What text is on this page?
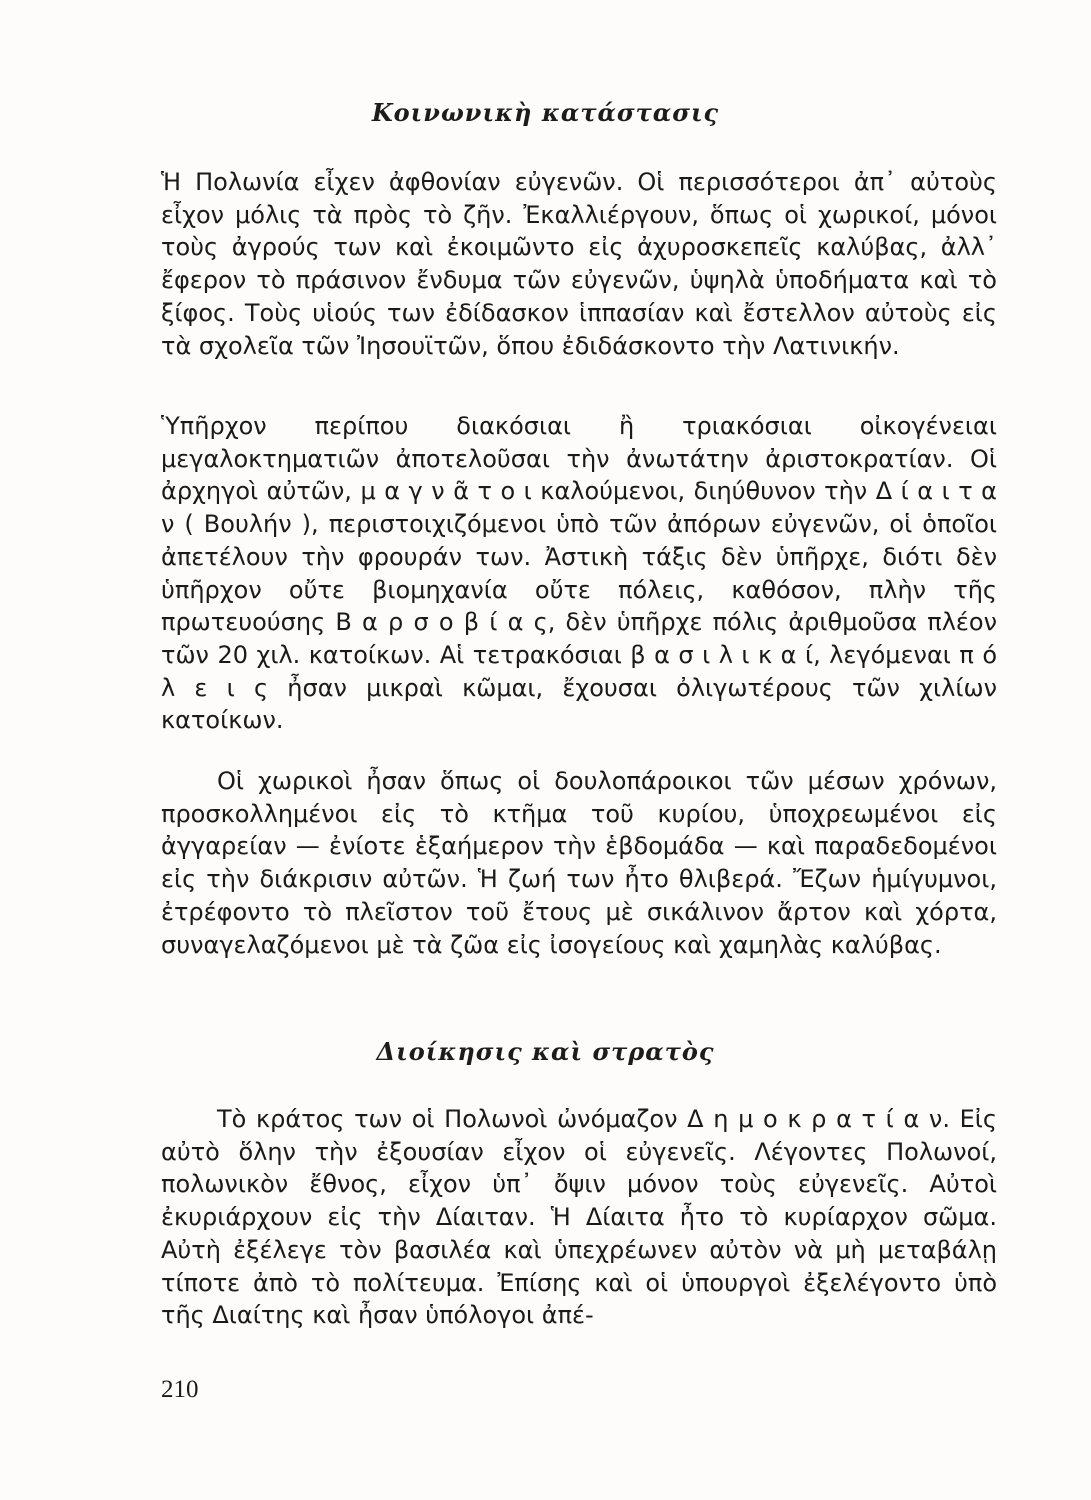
Κοινωνικὴ κατάστασις

Ἡ Πολωνία εἶχεν ἀφθονίαν εὐγενῶν. Οἱ περισσότεροι ἀπ᾿ αὐτοὺς εἶχον μόλις τὰ πρὸς τὸ ζῆν. Ἐκαλλιέργουν, ὅπως οἱ χωρικοί, μόνοι τοὺς ἀγρούς των καὶ ἐκοιμῶντο εἰς ἀχυροσκεπεῖς καλύβας, ἀλλ᾿ ἔφερον τὸ πράσινον ἔνδυμα τῶν εὐγενῶν, ὑψηλὰ ὑποδήματα καὶ τὸ ξίφος. Τοὺς υἱούς των ἐδίδασκον ἱππασίαν καὶ ἔστελλον αὐτοὺς εἰς τὰ σχολεῖα τῶν Ἰησουϊτῶν, ὅπου ἐδιδάσκοντο τὴν Λατινικήν.

Ὑπῆρχον περίπου διακόσιαι ἢ τριακόσιαι οἰκογένειαι μεγαλοκτηματιῶν ἀποτελοῦσαι τὴν ἀνωτάτην ἀριστοκρατίαν. Οἱ ἀρχηγοὶ αὐτῶν, μ α γ ν ᾶ τ ο ι καλούμενοι, διηύθυνον τὴν Δ ί α ι τ α ν ( Βουλήν ), περιστοιχιζόμενοι ὑπὸ τῶν ἀπόρων εὐγενῶν, οἱ ὁποῖοι ἀπετέλουν τὴν φρουράν των. Ἀστικὴ τάξις δὲν ὑπῆρχε, διότι δὲν ὑπῆρχον οὔτε βιομηχανία οὔτε πόλεις, καθόσον, πλὴν τῆς πρωτευούσης Β α ρ σ ο β ί α ς, δὲν ὑπῆρχε πόλις ἀριθμοῦσα πλέον τῶν 20 χιλ. κατοίκων. Αἱ τετρακόσιαι β α σ ι λ ι κ α ί, λεγόμεναι π ό λ ε ι ς ἦσαν μικραὶ κῶμαι, ἔχουσαι ὀλιγωτέρους τῶν χιλίων κατοίκων.

Οἱ χωρικοὶ ἦσαν ὅπως οἱ δουλοπάροικοι τῶν μέσων χρόνων, προσκολλημένοι εἰς τὸ κτῆμα τοῦ κυρίου, ὑποχρεωμένοι εἰς ἀγγαρείαν — ἐνίοτε ἑξαήμερον τὴν ἑβδομάδα — καὶ παραδεδομένοι εἰς τὴν διάκρισιν αὐτῶν. Ἡ ζωή των ἦτο θλιβερά. Ἔζων ἡμίγυμνοι, ἐτρέφοντο τὸ πλεῖστον τοῦ ἔτους μὲ σικάλινον ἄρτον καὶ χόρτα, συναγελαζόμενοι μὲ τὰ ζῶα εἰς ἰσογείους καὶ χαμηλὰς καλύβας.

Διοίκησις καὶ στρατὸς

Τὸ κράτος των οἱ Πολωνοὶ ὠνόμαζον Δ η μ ο κ ρ α τ ί α ν. Εἰς αὐτὸ ὅλην τὴν ἐξουσίαν εἶχον οἱ εὐγενεῖς. Λέγοντες Πολωνοί, πολωνικὸν ἔθνος, εἶχον ὑπ᾿ ὄψιν μόνον τοὺς εὐγενεῖς. Αὐτοὶ ἐκυριάρχουν εἰς τὴν Δίαιταν. Ἡ Δίαιτα ἦτο τὸ κυρίαρχον σῶμα. Αὐτὴ ἐξέλεγε τὸν βασιλέα καὶ ὑπεχρέωνεν αὐτὸν νὰ μὴ μεταβάλῃ τίποτε ἀπὸ τὸ πολίτευμα. Ἐπίσης καὶ οἱ ὑπουργοὶ ἐξελέγοντο ὑπὸ τῆς Διαίτης καὶ ἦσαν ὑπόλογοι ἀπέ-

210
